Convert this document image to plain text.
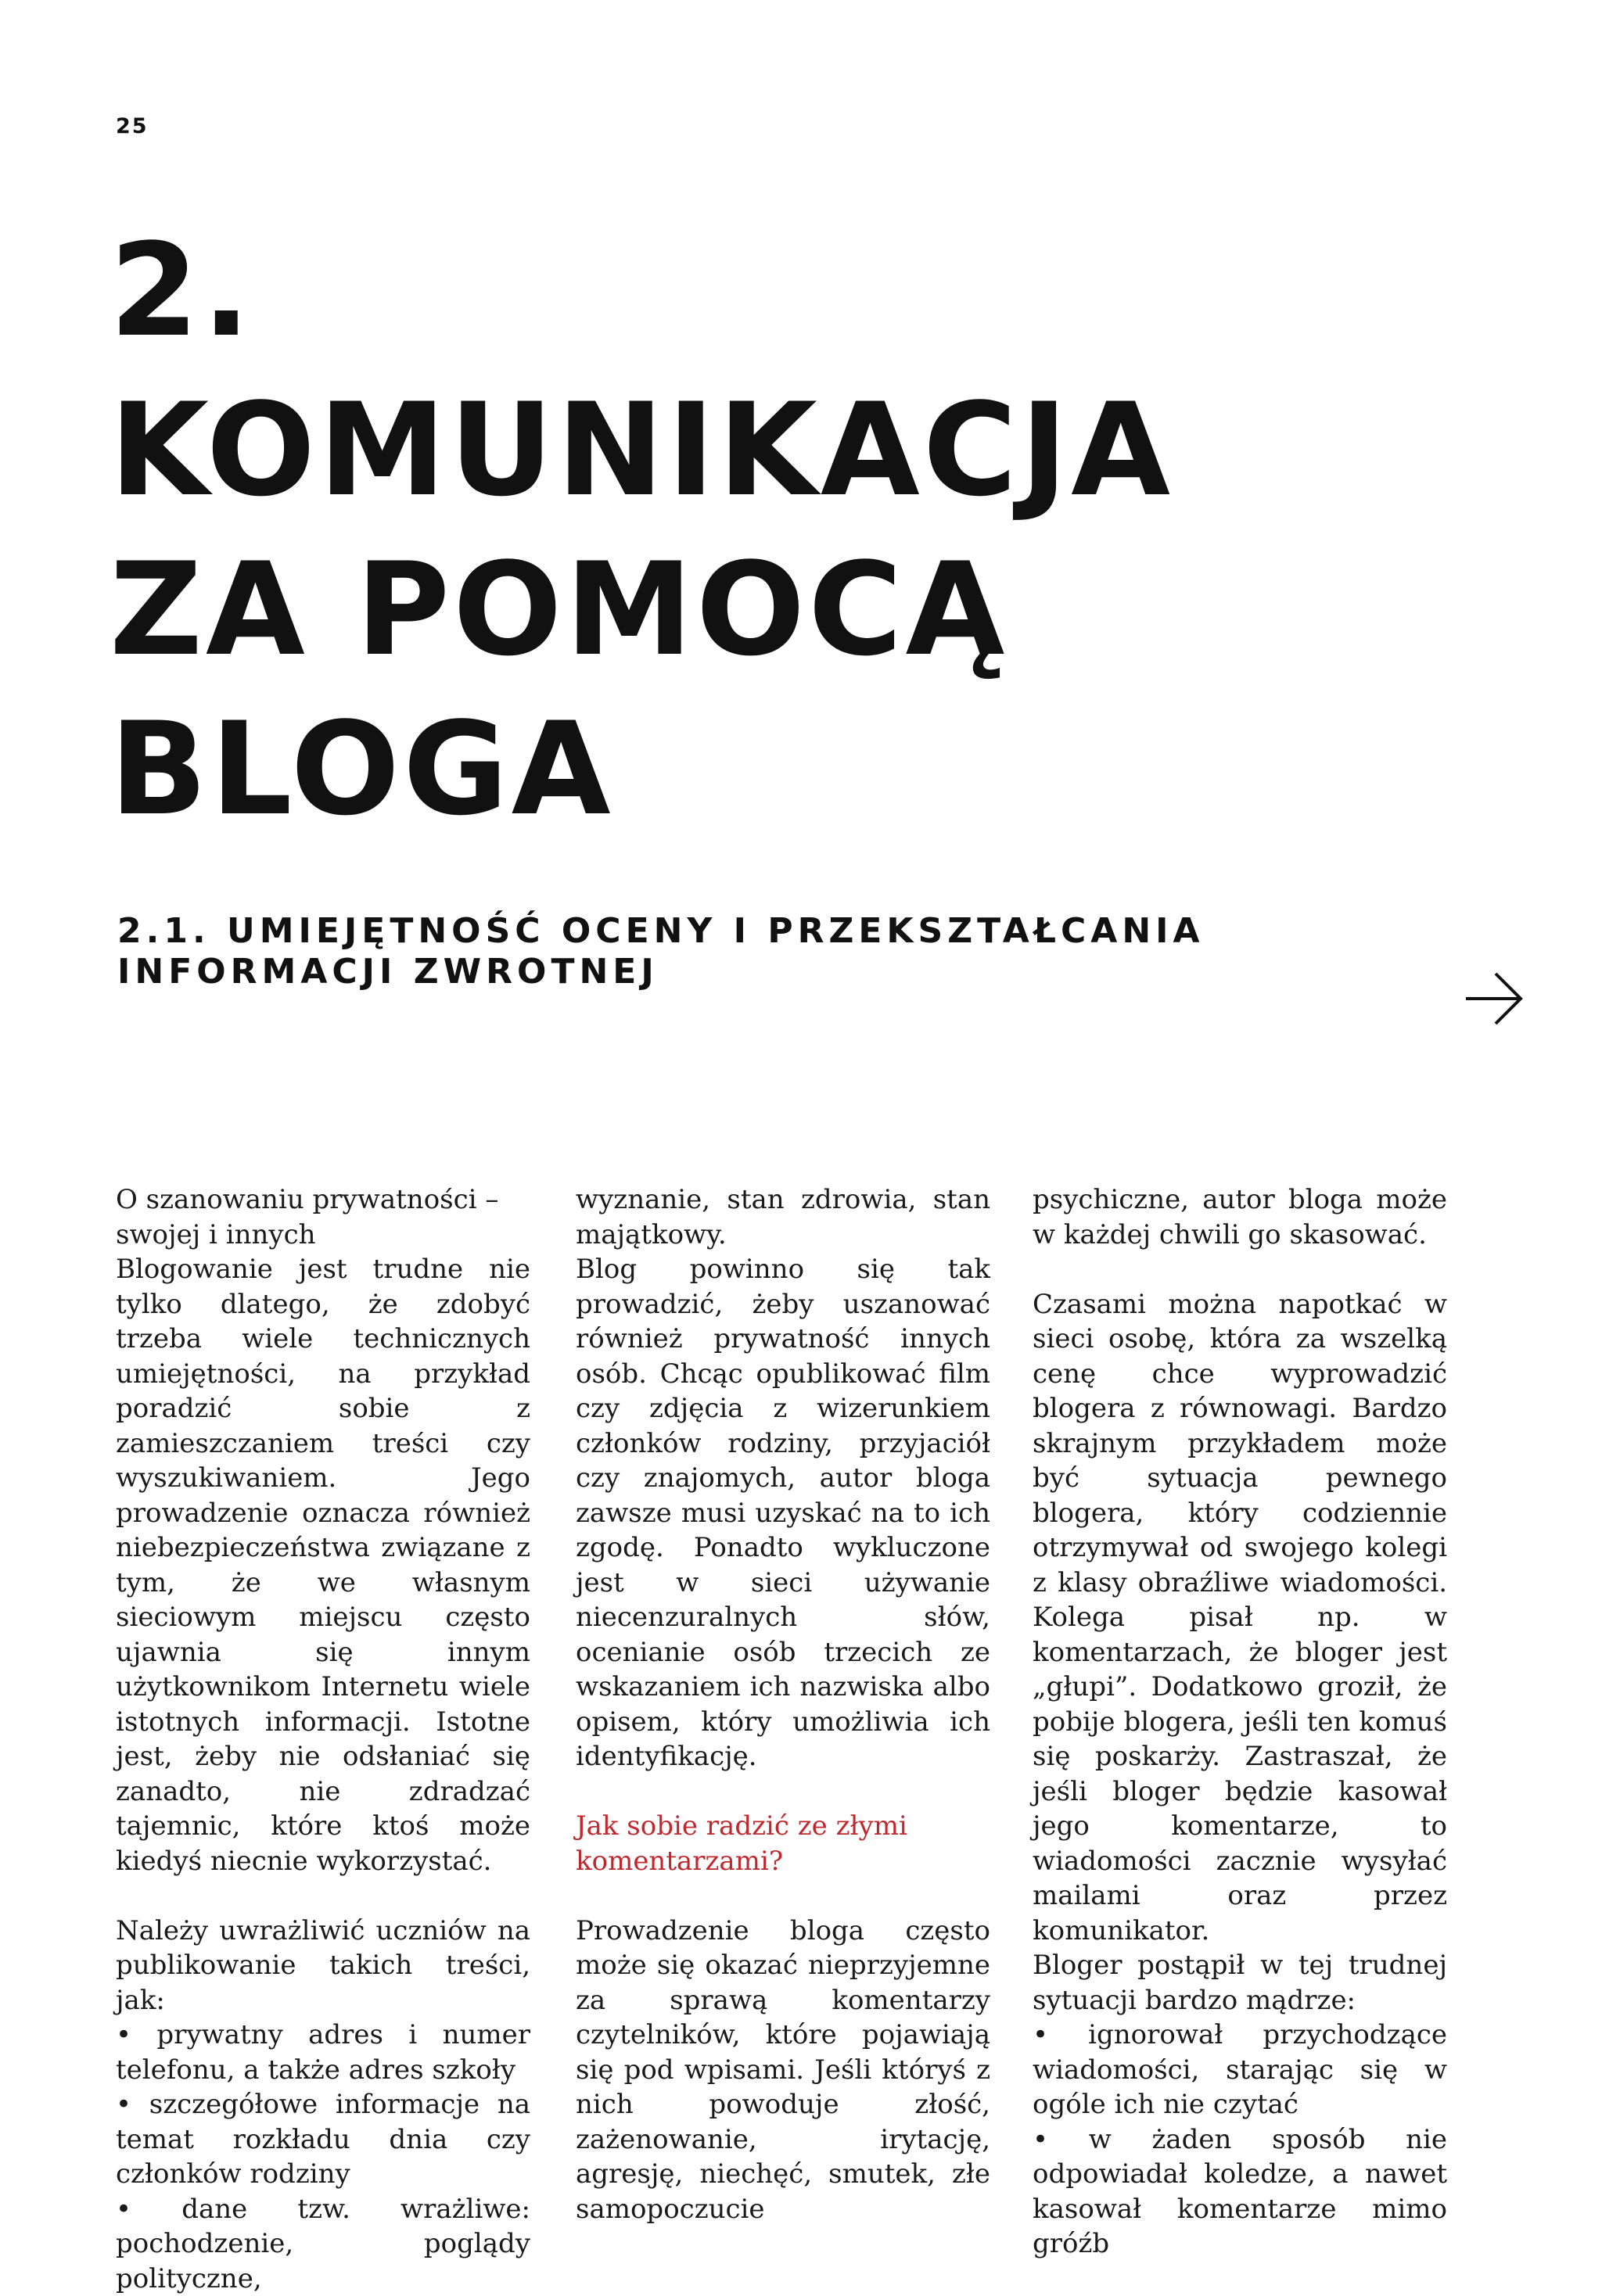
25
2.
KOMUNIKACJA
ZA POMOCĄ
BLOGA
2.1. UMIEJĘTNOŚĆ OCENY I PRZEKSZTAŁCANIA INFORMACJI ZWROTNEJ

O szanowaniu prywatności – swojej i innych

Blogowanie jest trudne nie tylko dlatego, że zdobyć trzeba wiele technicznych umiejętności, na przykład poradzić sobie z zamieszczaniem treści czy wyszukiwaniem. Jego prowadzenie oznacza również niebezpieczeństwa związane z tym, że we własnym sieciowym miejscu często ujawnia się innym użytkownikom Internetu wiele istotnych informacji. Istotne jest, żeby nie odsłaniać się zanadto, nie zdradzać tajemnic, które ktoś może kiedyś niecnie wykorzystać.

Należy uwrażliwić uczniów na publikowanie takich treści, jak:

• prywatny adres i numer telefonu, a także adres szkoły
• szczegółowe informacje na temat rozkładu dnia czy członków rodziny
• dane tzw. wrażliwe: pochodzenie, poglądy polityczne,

wyznanie, stan zdrowia, stan majątkowy.

Blog powinno się tak prowadzić, żeby uszanować również prywatność innych osób. Chcąc opublikować film czy zdjęcia z wizerunkiem członków rodziny, przyjaciół czy znajomych, autor bloga zawsze musi uzyskać na to ich zgodę. Ponadto wykluczone jest w sieci używanie niecenzuralnych słów, ocenianie osób trzecich ze wskazaniem ich nazwiska albo opisem, który umożliwia ich identyfikację.

Jak sobie radzić ze złymi komentarzami?

Prowadzenie bloga często może się okazać nieprzyjemne za sprawą komentarzy czytelników, które pojawiają się pod wpisami. Jeśli któryś z nich powoduje złość, zażenowanie, irytację, agresję, niechęć, smutek, złe samopoczucie

psychiczne, autor bloga może w każdej chwili go skasować.

Czasami można napotkać w sieci osobę, która za wszelką cenę chce wyprowadzić blogera z równowagi. Bardzo skrajnym przykładem może być sytuacja pewnego blogera, który codziennie otrzymywał od swojego kolegi z klasy obraźliwe wiadomości. Kolega pisał np. w komentarzach, że bloger jest „głupi”. Dodatkowo groził, że pobije blogera, jeśli ten komuś się poskarży. Zastraszał, że jeśli bloger będzie kasował jego komentarze, to wiadomości zacznie wysyłać mailami oraz przez komunikator.

Bloger postąpił w tej trudnej sytuacji bardzo mądrze:

• ignorował przychodzące wiadomości, starając się w ogóle ich nie czytać
• w żaden sposób nie odpowiadał koledze, a nawet kasował komentarze mimo gróźb
